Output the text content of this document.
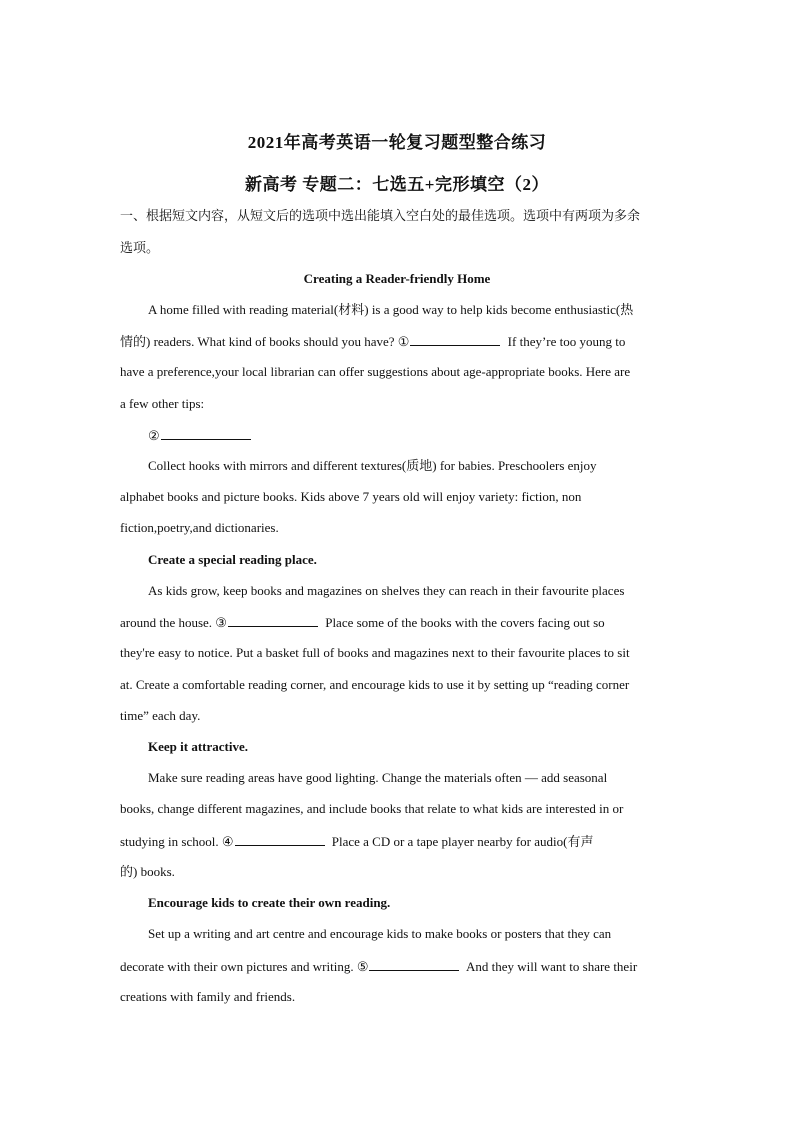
2021年高考英语一轮复习题型整合练习
新高考 专题二：七选五+完形填空（2）
一、根据短文内容，从短文后的选项中选出能填入空白处的最佳选项。选项中有两项为多余
选项。
Creating a Reader-friendly Home
A home filled with reading material(材料) is a good way to help kids become enthusiastic(热
情的) readers. What kind of books should you have? ①	If they’re too young to
have a preference,your local librarian can offer suggestions about age-appropriate books. Here are
a few other tips:
②
Collect hooks with mirrors and different textures(质地) for babies. Preschoolers enjoy
alphabet books and picture books. Kids above 7 years old will enjoy variety: fiction, non
fiction,poetry,and dictionaries.
Create a special reading place.
As kids grow, keep books and magazines on shelves they can reach in their favourite places
around the house. ③	Place some of the books with the covers facing out so
they're easy to notice. Put a basket full of books and magazines next to their favourite places to sit
at. Create a comfortable reading corner, and encourage kids to use it by setting up “reading corner
time” each day.
Keep it attractive.
Make sure reading areas have good lighting. Change the materials often — add seasonal
books, change different magazines, and include books that relate to what kids are interested in or
studying in school. ④	Place a CD or a tape player nearby for audio(有声
的) books.
Encourage kids to create their own reading.
Set up a writing and art centre and encourage kids to make books or posters that they can
decorate with their own pictures and writing. ⑤	And they will want to share their
creations with family and friends.
